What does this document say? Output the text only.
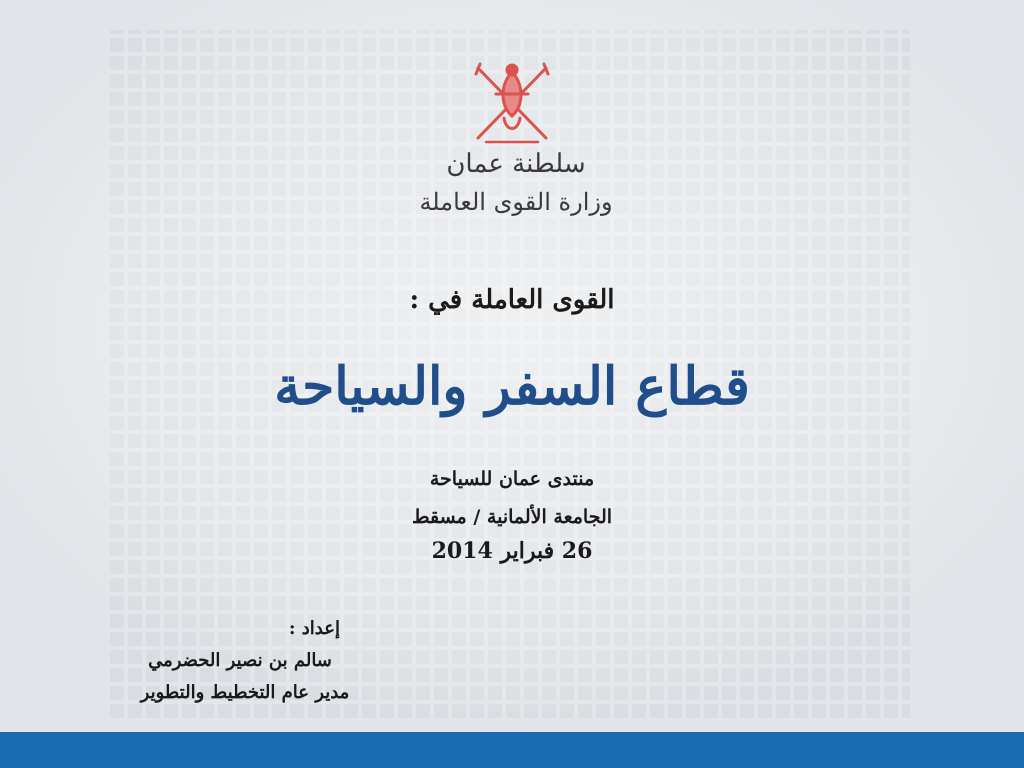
سلطنة عمان
وزارة القوى العاملة
القوى العاملة في :
قطاع السفر والسياحة
منتدى عمان للسياحة
الجامعة الألمانية / مسقط
26 فبراير 2014
إعداد :
سالم بن نصير الحضرمي
مدير عام التخطيط والتطوير
